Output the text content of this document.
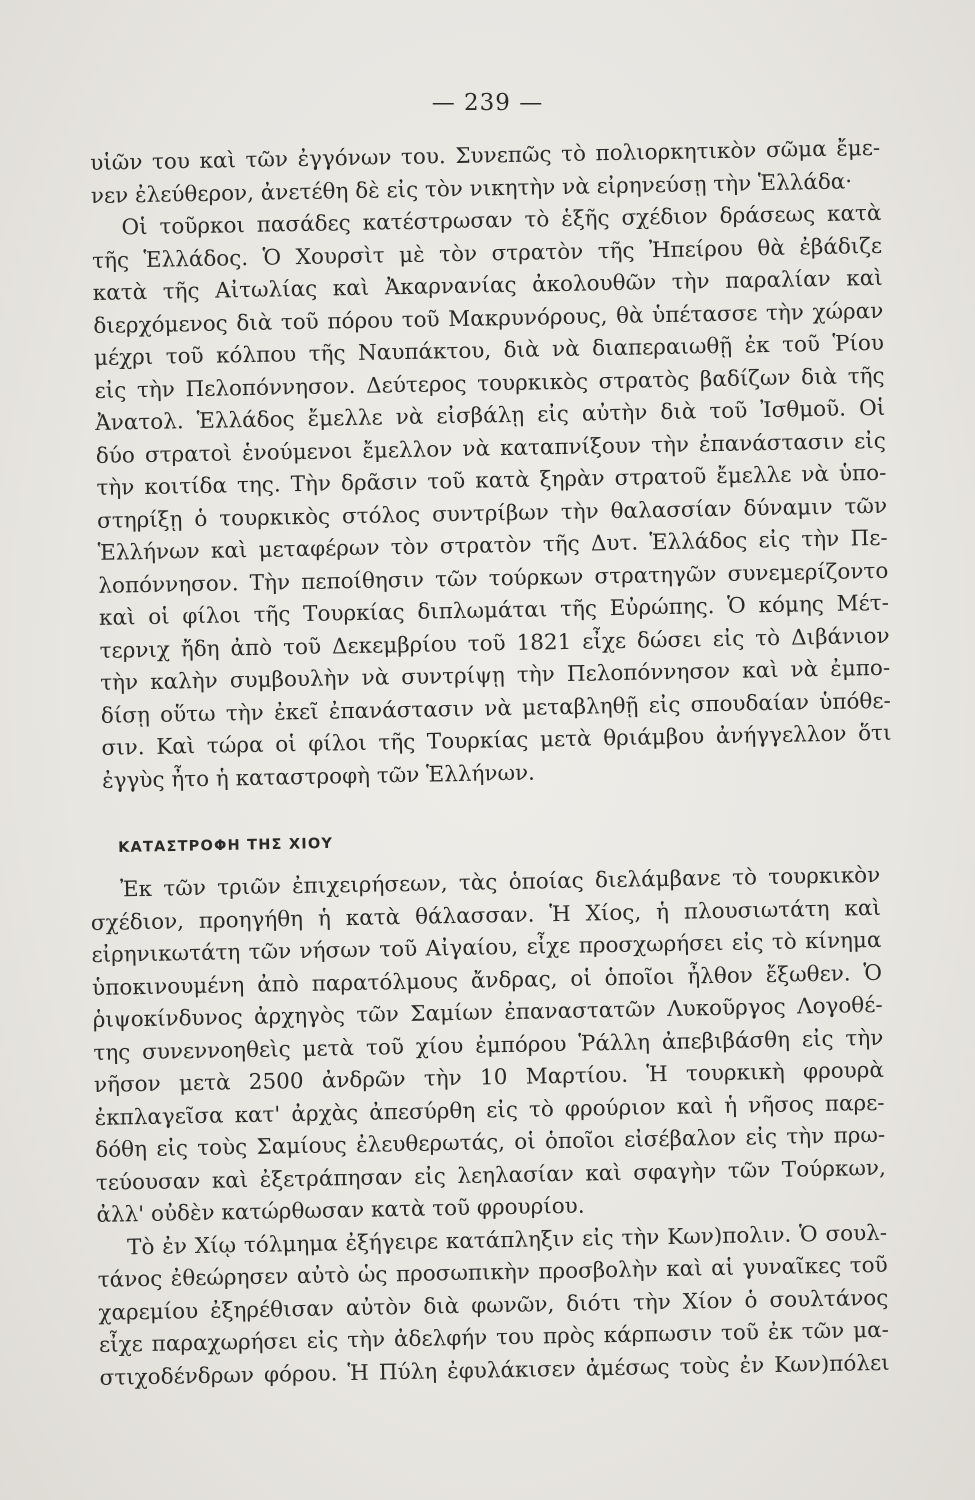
— 239 —
υἱῶν του καὶ τῶν ἐγγόνων του. Συνεπῶς τὸ πολιορκητικὸν σῶμα ἔμε-
νεν ἐλεύθερον, ἀνετέθη δὲ εἰς τὸν νικητὴν νὰ εἰρηνεύσῃ τὴν Ἑλλάδα·
Οἱ τοῦρκοι πασάδες κατέστρωσαν τὸ ἑξῆς σχέδιον δράσεως κατὰ
τῆς Ἑλλάδος. Ὁ Χουρσὶτ μὲ τὸν στρατὸν τῆς Ἠπείρου θὰ ἐβάδιζε
κατὰ τῆς Αἰτωλίας καὶ Ἀκαρνανίας ἀκολουθῶν τὴν παραλίαν καὶ
διερχόμενος διὰ τοῦ πόρου τοῦ Μακρυνόρους, θὰ ὑπέτασσε τὴν χώραν
μέχρι τοῦ κόλπου τῆς Ναυπάκτου, διὰ νὰ διαπεραιωθῇ ἐκ τοῦ Ῥίου
εἰς τὴν Πελοπόννησον. Δεύτερος τουρκικὸς στρατὸς βαδίζων διὰ τῆς
Ἀνατολ. Ἑλλάδος ἔμελλε νὰ εἰσβάλῃ εἰς αὐτὴν διὰ τοῦ Ἰσθμοῦ. Οἱ
δύο στρατοὶ ἑνούμενοι ἔμελλον νὰ καταπνίξουν τὴν ἐπανάστασιν εἰς
τὴν κοιτίδα της. Τὴν δρᾶσιν τοῦ κατὰ ξηρὰν στρατοῦ ἔμελλε νὰ ὑπο-
στηρίξῃ ὁ τουρκικὸς στόλος συντρίβων τὴν θαλασσίαν δύναμιν τῶν
Ἑλλήνων καὶ μεταφέρων τὸν στρατὸν τῆς Δυτ. Ἑλλάδος εἰς τὴν Πε-
λοπόννησον. Τὴν πεποίθησιν τῶν τούρκων στρατηγῶν συνεμερίζοντο
καὶ οἱ φίλοι τῆς Τουρκίας διπλωμάται τῆς Εὐρώπης. Ὁ κόμης Μέτ-
τερνιχ ἤδη ἀπὸ τοῦ Δεκεμβρίου τοῦ 1821 εἶχε δώσει εἰς τὸ Διβάνιον
τὴν καλὴν συμβουλὴν νὰ συντρίψῃ τὴν Πελοπόννησον καὶ νὰ ἐμπο-
δίσῃ οὕτω τὴν ἐκεῖ ἐπανάστασιν νὰ μεταβληθῇ εἰς σπουδαίαν ὑπόθε-
σιν. Καὶ τώρα οἱ φίλοι τῆς Τουρκίας μετὰ θριάμβου ἀνήγγελλον ὅτι
ἐγγὺς ἦτο ἡ καταστροφὴ τῶν Ἑλλήνων.
ΚΑΤΑΣΤΡΟΦΗ ΤΗΣ ΧΙΟΥ
Ἐκ τῶν τριῶν ἐπιχειρήσεων, τὰς ὁποίας διελάμβανε τὸ τουρκικὸν
σχέδιον, προηγήθη ἡ κατὰ θάλασσαν. Ἡ Χίος, ἡ πλουσιωτάτη καὶ
εἰρηνικωτάτη τῶν νήσων τοῦ Αἰγαίου, εἶχε προσχωρήσει εἰς τὸ κίνημα
ὑποκινουμένη ἀπὸ παρατόλμους ἄνδρας, οἱ ὁποῖοι ἦλθον ἔξωθεν. Ὁ
ῥιψοκίνδυνος ἀρχηγὸς τῶν Σαμίων ἐπαναστατῶν Λυκοῦργος Λογοθέ-
της συνεννοηθεὶς μετὰ τοῦ χίου ἐμπόρου Ῥάλλη ἀπεβιβάσθη εἰς τὴν
νῆσον μετὰ 2500 ἀνδρῶν τὴν 10 Μαρτίου. Ἡ τουρκικὴ φρουρὰ
ἐκπλαγεῖσα κατ' ἀρχὰς ἀπεσύρθη εἰς τὸ φρούριον καὶ ἡ νῆσος παρε-
δόθη εἰς τοὺς Σαμίους ἐλευθερωτάς, οἱ ὁποῖοι εἰσέβαλον εἰς τὴν πρω-
τεύουσαν καὶ ἐξετράπησαν εἰς λεηλασίαν καὶ σφαγὴν τῶν Τούρκων,
ἀλλ' οὐδὲν κατώρθωσαν κατὰ τοῦ φρουρίου.
Τὸ ἐν Χίῳ τόλμημα ἐξήγειρε κατάπληξιν εἰς τὴν Κων)πολιν. Ὁ σουλ-
τάνος ἐθεώρησεν αὐτὸ ὡς προσωπικὴν προσβολὴν καὶ αἱ γυναῖκες τοῦ
χαρεμίου ἐξηρέθισαν αὐτὸν διὰ φωνῶν, διότι τὴν Χίον ὁ σουλτάνος
εἶχε παραχωρήσει εἰς τὴν ἀδελφήν του πρὸς κάρπωσιν τοῦ ἐκ τῶν μα-
στιχοδένδρων φόρου. Ἡ Πύλη ἐφυλάκισεν ἀμέσως τοὺς ἐν Κων)πόλει
